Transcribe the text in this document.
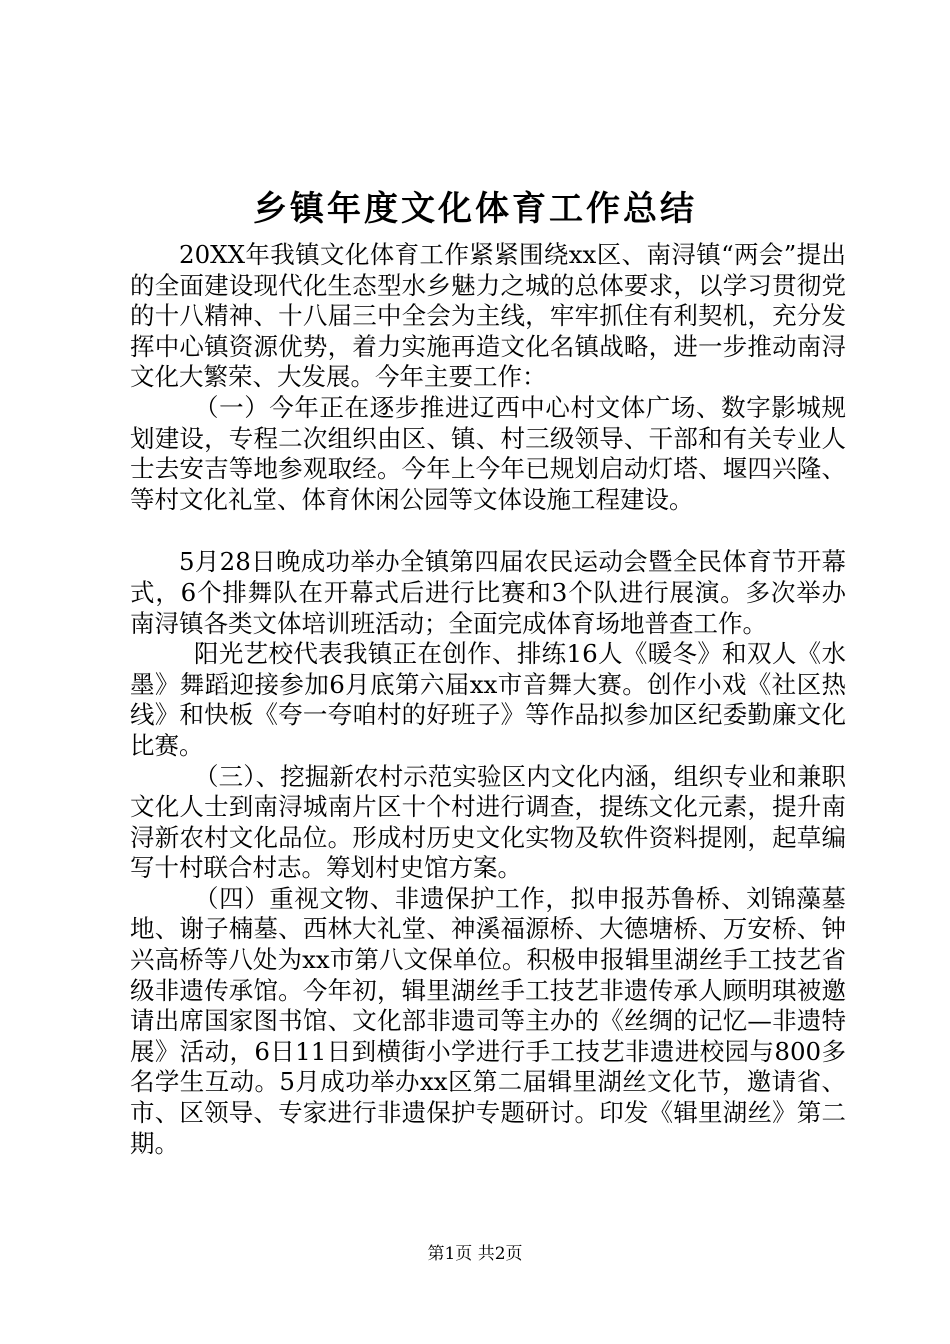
乡镇年度文化体育工作总结

20XX年我镇文化体育工作紧紧围绕xx区、南浔镇“两会”提出的全面建设现代化生态型水乡魅力之城的总体要求，以学习贯彻党的十八精神、十八届三中全会为主线，牢牢抓住有利契机，充分发挥中心镇资源优势，着力实施再造文化名镇战略，进一步推动南浔文化大繁荣、大发展。今年主要工作：

（一）今年正在逐步推进辽西中心村文体广场、数字影城规划建设，专程二次组织由区、镇、村三级领导、干部和有关专业人士去安吉等地参观取经。今年上今年已规划启动灯塔、堰四兴隆、等村文化礼堂、体育休闲公园等文体设施工程建设。

5月28日晚成功举办全镇第四届农民运动会暨全民体育节开幕式，6个排舞队在开幕式后进行比赛和3个队进行展演。多次举办南浔镇各类文体培训班活动；全面完成体育场地普查工作。

阳光艺校代表我镇正在创作、排练16人《暖冬》和双人《水墨》舞蹈迎接参加6月底第六届xx市音舞大赛。创作小戏《社区热线》和快板《夸一夸咱村的好班子》等作品拟参加区纪委勤廉文化比赛。

（三）、挖掘新农村示范实验区内文化内涵，组织专业和兼职文化人士到南浔城南片区十个村进行调查，提练文化元素，提升南浔新农村文化品位。形成村历史文化实物及软件资料提刚，起草编写十村联合村志。筹划村史馆方案。

（四）重视文物、非遗保护工作，拟申报苏鲁桥、刘锦藻墓地、谢子楠墓、西林大礼堂、神溪福源桥、大德塘桥、万安桥、钟兴高桥等八处为xx市第八文保单位。积极申报辑里湖丝手工技艺省级非遗传承馆。今年初，辑里湖丝手工技艺非遗传承人顾明琪被邀请出席国家图书馆、文化部非遗司等主办的《丝绸的记忆—非遗特展》活动，6日11日到横街小学进行手工技艺非遗进校园与800多名学生互动。5月成功举办xx区第二届辑里湖丝文化节，邀请省、市、区领导、专家进行非遗保护专题研讨。印发《辑里湖丝》第二期。

第1页 共2页
